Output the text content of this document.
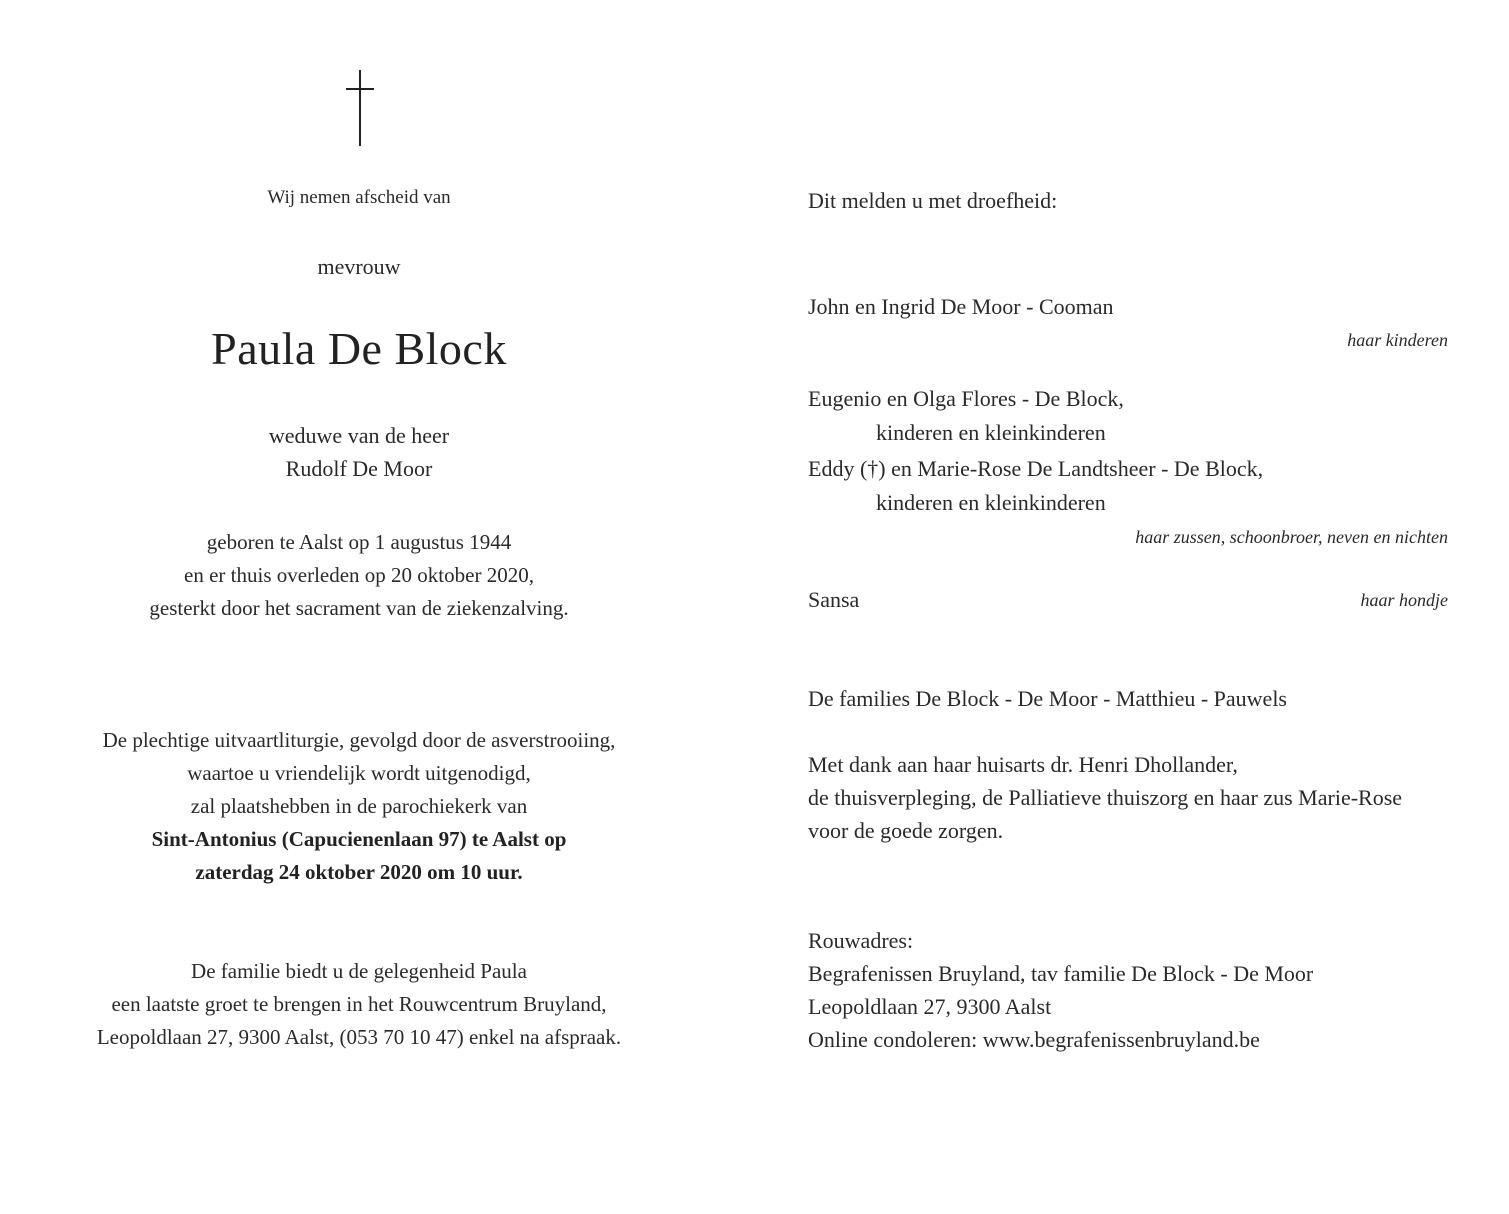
Wij nemen afscheid van
mevrouw
Paula De Block
weduwe van de heer
Rudolf De Moor
geboren te Aalst op 1 augustus 1944
en er thuis overleden op 20 oktober 2020,
gesterkt door het sacrament van de ziekenzalving.
De plechtige uitvaartliturgie, gevolgd door de asverstrooiing,
waartoe u vriendelijk wordt uitgenodigd,
zal plaatshebben in de parochiekerk van
Sint-Antonius (Capucienenlaan 97) te Aalst op
zaterdag 24 oktober 2020 om 10 uur.
De familie biedt u de gelegenheid Paula
een laatste groet te brengen in het Rouwcentrum Bruyland,
Leopoldlaan 27, 9300 Aalst, (053 70 10 47) enkel na afspraak.
Dit melden u met droefheid:
John en Ingrid De Moor - Cooman
haar kinderen
Eugenio en Olga Flores - De Block,
kinderen en kleinkinderen
Eddy (†) en Marie-Rose De Landtsheer - De Block,
kinderen en kleinkinderen
haar zussen, schoonbroer, neven en nichten
Sansa	haar hondje
De families De Block - De Moor - Matthieu - Pauwels
Met dank aan haar huisarts dr. Henri Dhollander,
de thuisverpleging, de Palliatieve thuiszorg en haar zus Marie-Rose
voor de goede zorgen.
Rouwadres:
Begrafenissen Bruyland, tav familie De Block - De Moor
Leopoldlaan 27, 9300 Aalst
Online condoleren: www.begrafenissenbruyland.be
